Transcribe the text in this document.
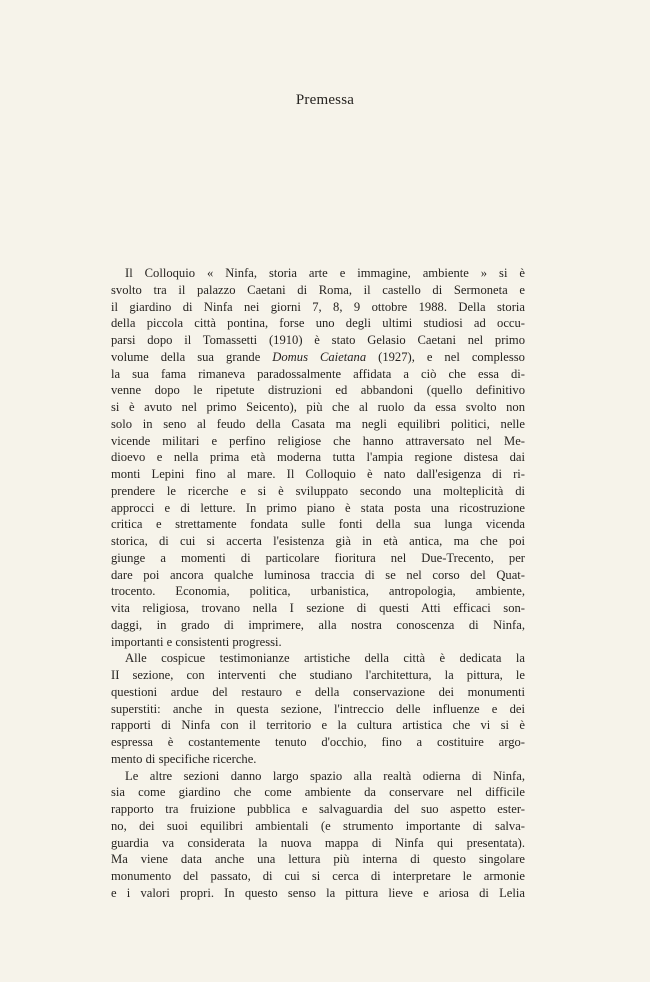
Premessa
Il Colloquio « Ninfa, storia arte e immagine, ambiente » si è
svolto tra il palazzo Caetani di Roma, il castello di Sermoneta e
il giardino di Ninfa nei giorni 7, 8, 9 ottobre 1988. Della storia
della piccola città pontina, forse uno degli ultimi studiosi ad occu-
parsi dopo il Tomassetti (1910) è stato Gelasio Caetani nel primo
volume della sua grande Domus Caietana (1927), e nel complesso
la sua fama rimaneva paradossalmente affidata a ciò che essa di-
venne dopo le ripetute distruzioni ed abbandoni (quello definitivo
si è avuto nel primo Seicento), più che al ruolo da essa svolto non
solo in seno al feudo della Casata ma negli equilibri politici, nelle
vicende militari e perfino religiose che hanno attraversato nel Me-
dioevo e nella prima età moderna tutta l'ampia regione distesa dai
monti Lepini fino al mare. Il Colloquio è nato dall'esigenza di ri-
prendere le ricerche e si è sviluppato secondo una molteplicità di
approcci e di letture. In primo piano è stata posta una ricostruzione
critica e strettamente fondata sulle fonti della sua lunga vicenda
storica, di cui si accerta l'esistenza già in età antica, ma che poi
giunge a momenti di particolare fioritura nel Due-Trecento, per
dare poi ancora qualche luminosa traccia di se nel corso del Quat-
trocento. Economia, politica, urbanistica, antropologia, ambiente,
vita religiosa, trovano nella I sezione di questi Atti efficaci son-
daggi, in grado di imprimere, alla nostra conoscenza di Ninfa,
importanti e consistenti progressi.
Alle cospicue testimonianze artistiche della città è dedicata la
II sezione, con interventi che studiano l'architettura, la pittura, le
questioni ardue del restauro e della conservazione dei monumenti
superstiti: anche in questa sezione, l'intreccio delle influenze e dei
rapporti di Ninfa con il territorio e la cultura artistica che vi si è
espressa è costantemente tenuto d'occhio, fino a costituire argo-
mento di specifiche ricerche.
Le altre sezioni danno largo spazio alla realtà odierna di Ninfa,
sia come giardino che come ambiente da conservare nel difficile
rapporto tra fruizione pubblica e salvaguardia del suo aspetto ester-
no, dei suoi equilibri ambientali (e strumento importante di salva-
guardia va considerata la nuova mappa di Ninfa qui presentata).
Ma viene data anche una lettura più interna di questo singolare
monumento del passato, di cui si cerca di interpretare le armonie
e i valori propri. In questo senso la pittura lieve e ariosa di Lelia
